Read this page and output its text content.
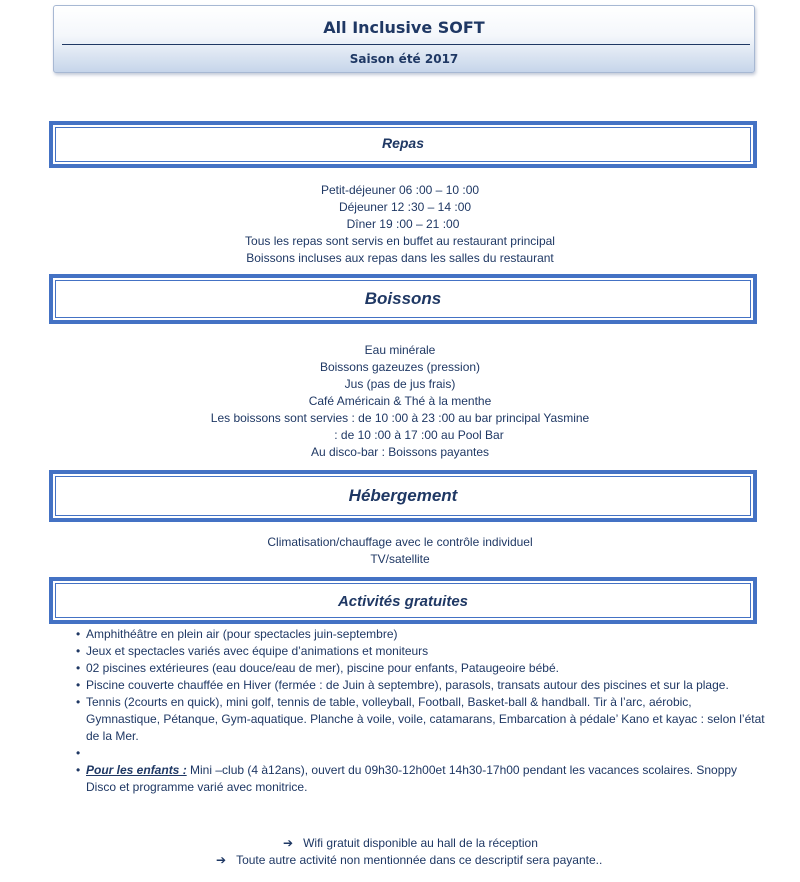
All Inclusive SOFT
Saison été 2017
Repas
Petit-déjeuner 06 :00 – 10 :00
Déjeuner 12 :30 – 14 :00
Dîner 19 :00 – 21 :00
Tous les repas sont servis en buffet au restaurant principal
Boissons incluses aux repas dans les salles du restaurant
Boissons
Eau minérale
Boissons gazeuzes (pression)
Jus (pas de jus frais)
Café Américain & Thé à la menthe
Les boissons sont servies : de 10 :00 à 23 :00 au bar principal Yasmine
: de 10 :00 à 17 :00 au Pool Bar
Au disco-bar : Boissons payantes
Hébergement
Climatisation/chauffage avec le contrôle individuel
TV/satellite
Activités gratuites
• Amphithéâtre en plein air (pour spectacles juin-septembre)
• Jeux et spectacles variés avec équipe d’animations et moniteurs
• 02 piscines extérieures (eau douce/eau de mer), piscine pour enfants, Pataugeoire bébé.
• Piscine couverte chauffée en Hiver (fermée : de Juin à septembre), parasols, transats autour des piscines et sur la plage.
• Tennis (2courts en quick), mini golf, tennis de table, volleyball, Football, Basket-ball & handball. Tir à l’arc, aérobic, Gymnastique, Pétanque, Gym-aquatique. Planche à voile, voile, catamarans, Embarcation à pédale’ Kano et kayac : selon l’état de la Mer.
•
• Pour les enfants : Mini –club (4 à12ans), ouvert du 09h30-12h00et 14h30-17h00 pendant les vacances scolaires. Snoppy Disco et programme varié avec monitrice.
➔ Wifi gratuit disponible au hall de la réception
➔ Toute autre activité non mentionnée dans ce descriptif sera payante..
